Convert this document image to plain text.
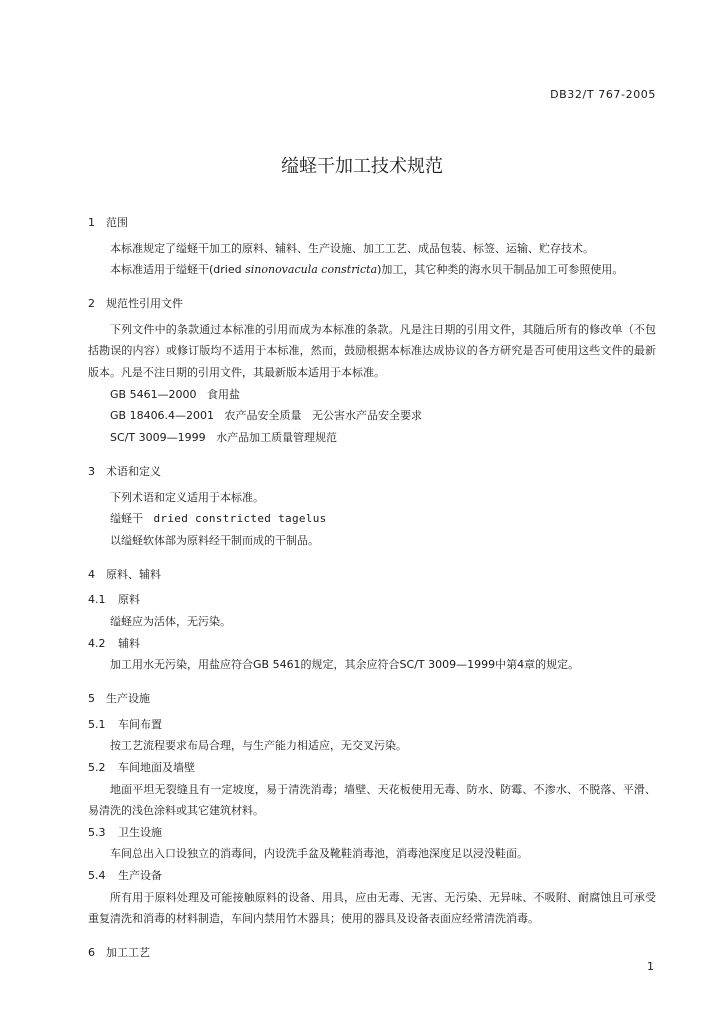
DB32/T 767-2005
缢蛏干加工技术规范
1 范围

本标准规定了缢蛏干加工的原料、辅料、生产设施、加工工艺、成品包装、标签、运输、贮存技术。

本标准适用于缢蛏干(dried sinonovacula constricta)加工，其它种类的海水贝干制品加工可参照使用。

2 规范性引用文件

下列文件中的条款通过本标准的引用而成为本标准的条款。凡是注日期的引用文件，其随后所有的修改单（不包括勘误的内容）或修订版均不适用于本标准，然而，鼓励根据本标准达成协议的各方研究是否可使用这些文件的最新版本。凡是不注日期的引用文件，其最新版本适用于本标准。

GB 5461—2000   食用盐

GB 18406.4—2001   农产品安全质量   无公害水产品安全要求

SC/T 3009—1999   水产品加工质量管理规范

3 术语和定义

下列术语和定义适用于本标准。

缢蛏干 dried constricted tagelus

以缢蛏软体部为原料经干制而成的干制品。

4 原料、辅料
4.1 原料

缢蛏应为活体，无污染。

4.2 辅料

加工用水无污染，用盐应符合GB 5461的规定，其余应符合SC/T 3009—1999中第4章的规定。

5 生产设施
5.1 车间布置

按工艺流程要求布局合理，与生产能力相适应，无交叉污染。

5.2 车间地面及墙壁

地面平坦无裂缝且有一定坡度，易于清洗消毒；墙壁、天花板使用无毒、防水、防霉、不渗水、不脱落、平滑、易清洗的浅色涂料或其它建筑材料。

5.3 卫生设施

车间总出入口设独立的消毒间，内设洗手盆及靴鞋消毒池，消毒池深度足以浸没鞋面。

5.4 生产设备

所有用于原料处理及可能接触原料的设备、用具，应由无毒、无害、无污染、无异味、不吸附、耐腐蚀且可承受重复清洗和消毒的材料制造，车间内禁用竹木器具；使用的器具及设备表面应经常清洗消毒。

6 加工工艺
1
